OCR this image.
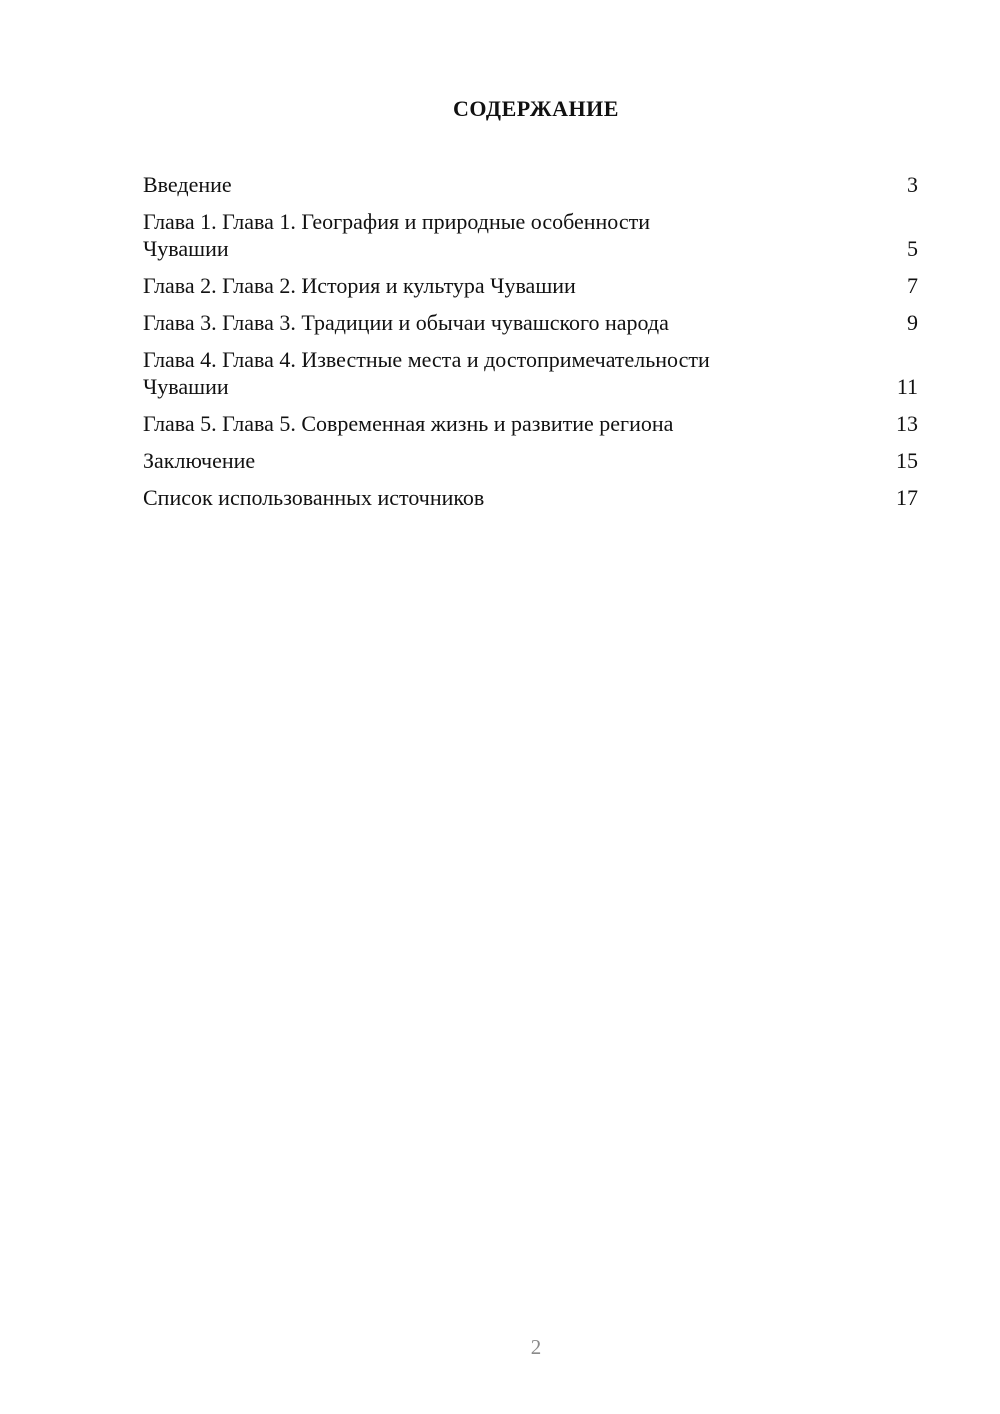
СОДЕРЖАНИЕ
Введение	3
Глава 1. Глава 1. География и природные особенности
Чувашии	5
Глава 2. Глава 2. История и культура Чувашии	7
Глава 3. Глава 3. Традиции и обычаи чувашского народа	9
Глава 4. Глава 4. Известные места и достопримечательности
Чувашии	11
Глава 5. Глава 5. Современная жизнь и развитие региона	13
Заключение	15
Список использованных источников	17
2
